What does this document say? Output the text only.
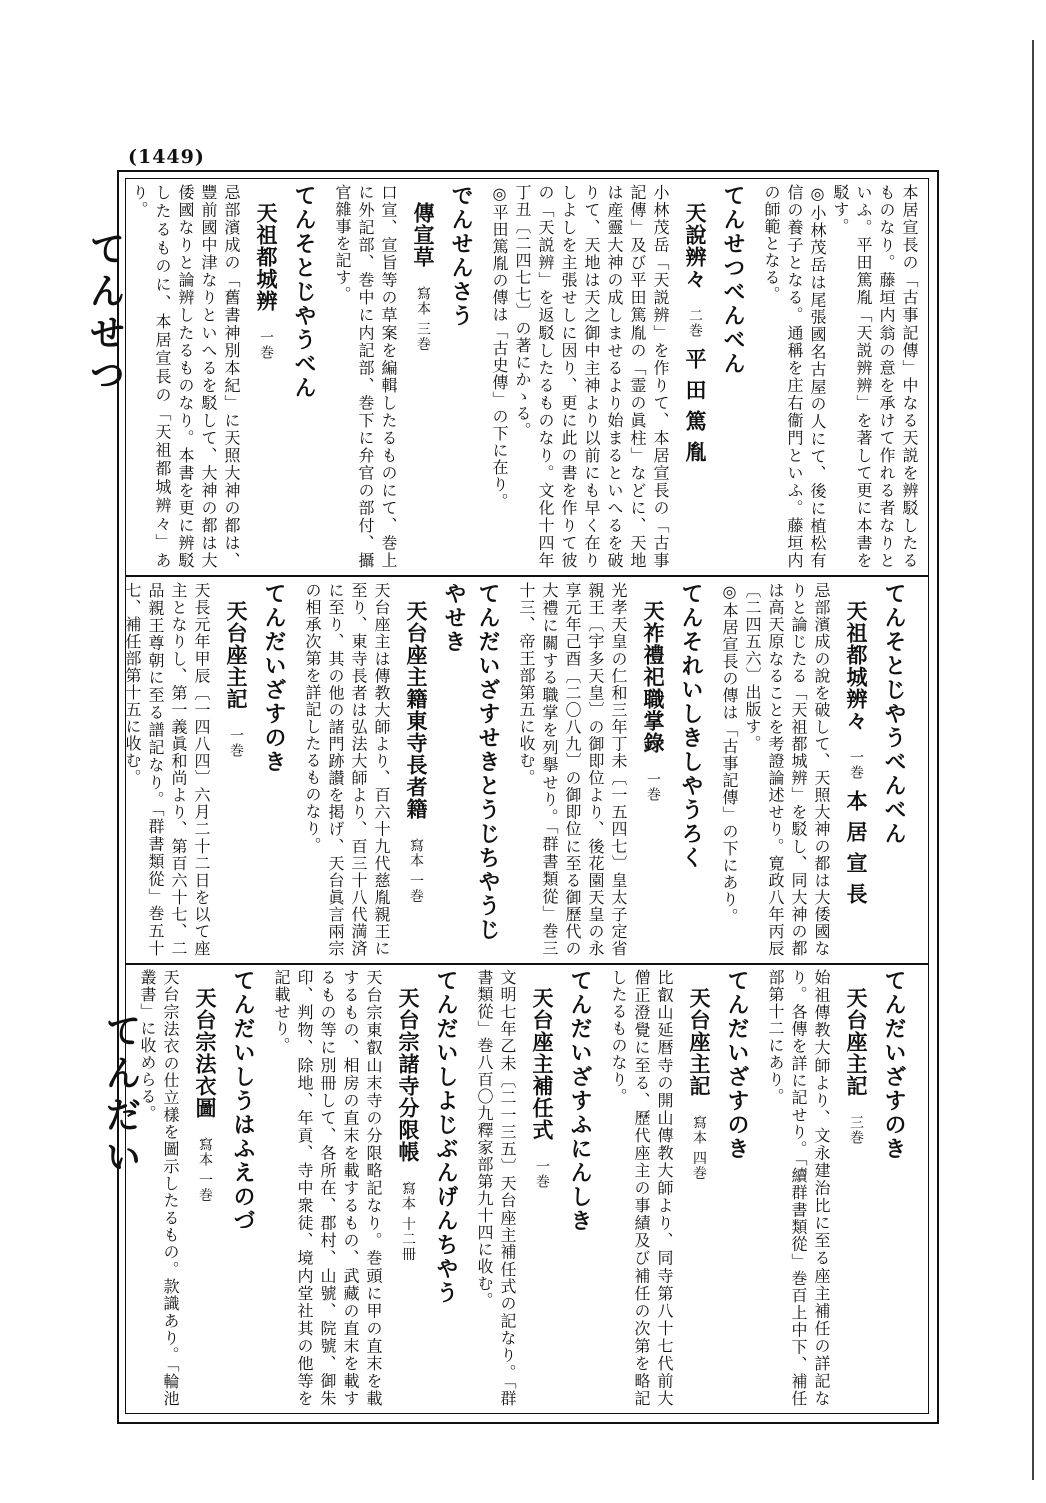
(1449)
てんせつ
てんだい

本居宣長の「古事記傳」中なる天説を辨駁したるものなり。藤垣内翁の意を承けて作れる者なりといふ。平田篤胤「天説辨辨」を著して更に本書を駁す。

◎小林茂岳は尾張國名古屋の人にて、後に植松有信の養子となる。通稱を庄右衞門といふ。藤垣内の師範となる。

てんせつべんべん
天說辨々二巻平田篤胤

小林茂岳「天説辨」を作りて、本居宣長の「古事記傳」及び平田篤胤の「霊の眞柱」などに、天地は産靈大神の成しませるより始まるといへるを破りて、天地は天之御中主神より以前にも早く在りしよしを主張せしに因り、更に此の書を作りて彼の「天説辨」を返駁したるものなり。文化十四年丁丑〔二四七七〕の著にかゝる。

◎平田篤胤の傳は「古史傳」の下に在り。

でんせんさう
傳宣草寫本 三巻

口宣、宣旨等の草案を編輯したるものにて、巻上に外記部、巻中に内記部、巻下に弁官の部付、攝官雜事を記す。

てんそとじやうべん
天祖都城辨一巻

忌部濱成の「舊書神別本紀」に天照大神の都は、豐前國中津なりといへるを駁して、大神の都は大倭國なりと論辨したるものなり。本書を更に辨駁したるものに、本居宣長の「天祖都城辨々」あり。

てんそとじやうべんべん
天祖都城辨々一巻本居宣長

忌部濱成の說を破して、天照大神の都は大倭國なりと論じたる「天祖都城辨」を駁し、同大神の都は高天原なることを考證論述せり。寛政八年丙辰〔二四五六〕出版す。

◎本居宣長の傳は「古事記傳」の下にあり。

てんそれいしきしやうろく
天祚禮祀職掌錄一巻

光孝天皇の仁和三年丁未〔一五四七〕皇太子定省親王〔宇多天皇〕の御即位より、後花園天皇の永享元年己酉〔二〇八九〕の御即位に至る御歷代の大禮に關する職掌を列擧せり。「群書類從」巻三十三、帝王部第五に收む。

てんだいざすせきとうじちやうじやせき
天台座主籍東寺長者籍寫本 一巻

天台座主は傳教大師より、百六十九代慈胤親王に至り、東寺長者は弘法大師より、百三十八代満済に至り、其の他の諸門跡讃を掲げ、天台眞言兩宗の相承次第を詳記したるものなり。

てんだいざすのき
天台座主記一巻

天長元年甲辰〔一四八四〕六月二十二日を以て座主となりし、第一義眞和尚より、第百六十七、二品親王尊朝に至る譜記なり。「群書類從」巻五十七、補任部第十五に收む。

てんだいざすのき
天台座主記三巻

始祖傳教大師より、文永建治比に至る座主補任の詳記なり。各傳を詳に記せり。「續群書類從」巻百上中下、補任部第十二にあり。

てんだいざすのき
天台座主記寫本 四巻

比叡山延暦寺の開山傳教大師より、同寺第八十七代前大僧正澄覺に至る、歷代座主の事績及び補任の次第を略記したるものなり。

てんだいざすふにんしき
天台座主補任式一巻

文明七年乙未〔二一三五〕天台座主補任式の記なり。「群書類從」巻八百〇九釋家部第九十四に收む。

てんだいしよじぶんげんちやう
天台宗諸寺分限帳寫本 十二冊

天台宗東叡山末寺の分限略記なり。巻頭に甲の直末を載するもの、相房の直末を載するもの、武藏の直末を載するもの等に別冊して、各所在、郡村、山號、院號、御朱印、判物、除地、年貢、寺中衆徒、境内堂社其の他等を記載せり。

てんだいしうはふえのづ
天台宗法衣圖寫本 一巻

天台宗法衣の仕立樣を圖示したるもの。款識あり。「輪池叢書」に收めらる。
